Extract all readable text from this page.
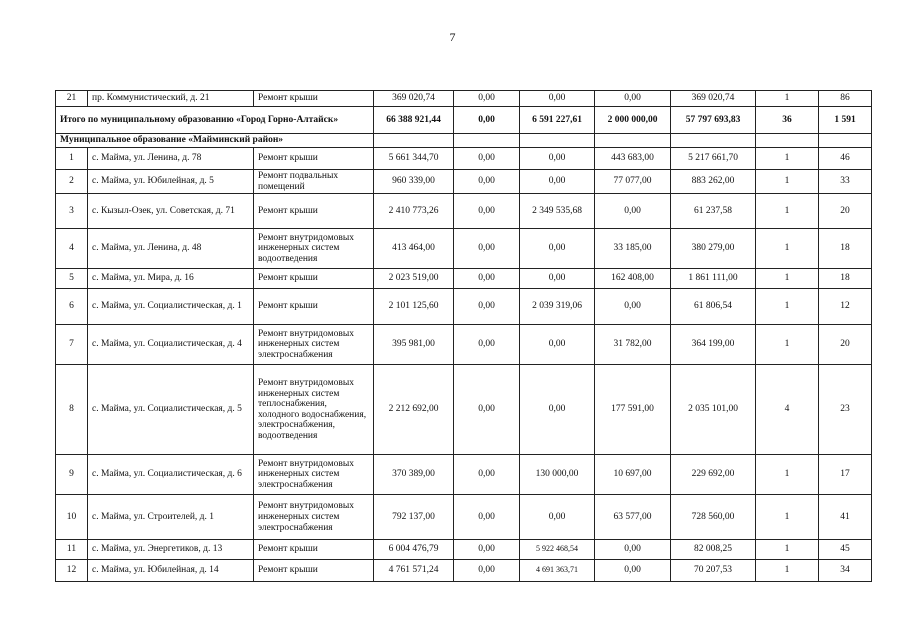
7
21	пр. Коммунистический, д. 21	Ремонт крыши	369 020,74	0,00	0,00	0,00	369 020,74	1	86
Итого по муниципальному образованию «Город Горно-Алтайск»			66 388 921,44	0,00	6 591 227,61	2 000 000,00	57 797 693,83	36	1 591
Муниципальное образование «Майминский район»									
1	с. Майма, ул. Ленина, д. 78	Ремонт крыши	5 661 344,70	0,00	0,00	443 683,00	5 217 661,70	1	46
2	с. Майма, ул. Юбилейная, д. 5	Ремонт подвальных помещений	960 339,00	0,00	0,00	77 077,00	883 262,00	1	33
3	с. Кызыл-Озек, ул. Советская, д. 71	Ремонт крыши	2 410 773,26	0,00	2 349 535,68	0,00	61 237,58	1	20
4	с. Майма, ул. Ленина, д. 48	Ремонт внутридомовых инженерных систем водоотведения	413 464,00	0,00	0,00	33 185,00	380 279,00	1	18
5	с. Майма, ул. Мира, д. 16	Ремонт крыши	2 023 519,00	0,00	0,00	162 408,00	1 861 111,00	1	18
6	с. Майма, ул. Социалистическая, д. 1	Ремонт крыши	2 101 125,60	0,00	2 039 319,06	0,00	61 806,54	1	12
7	с. Майма, ул. Социалистическая, д. 4	Ремонт внутридомовых инженерных систем электроснабжения	395 981,00	0,00	0,00	31 782,00	364 199,00	1	20
8	с. Майма, ул. Социалистическая, д. 5	Ремонт внутридомовых инженерных систем теплоснабжения, холодного водоснабжения, электроснабжения, водоотведения	2 212 692,00	0,00	0,00	177 591,00	2 035 101,00	4	23
9	с. Майма, ул. Социалистическая, д. 6	Ремонт внутридомовых инженерных систем электроснабжения	370 389,00	0,00	130 000,00	10 697,00	229 692,00	1	17
10	с. Майма, ул. Строителей, д. 1	Ремонт внутридомовых инженерных систем электроснабжения	792 137,00	0,00	0,00	63 577,00	728 560,00	1	41
11	с. Майма, ул. Энергетиков, д. 13	Ремонт крыши	6 004 476,79	0,00	5 922 468,54	0,00	82 008,25	1	45
12	с. Майма, ул. Юбилейная, д. 14	Ремонт крыши	4 761 571,24	0,00	4 691 363,71	0,00	70 207,53	1	34
